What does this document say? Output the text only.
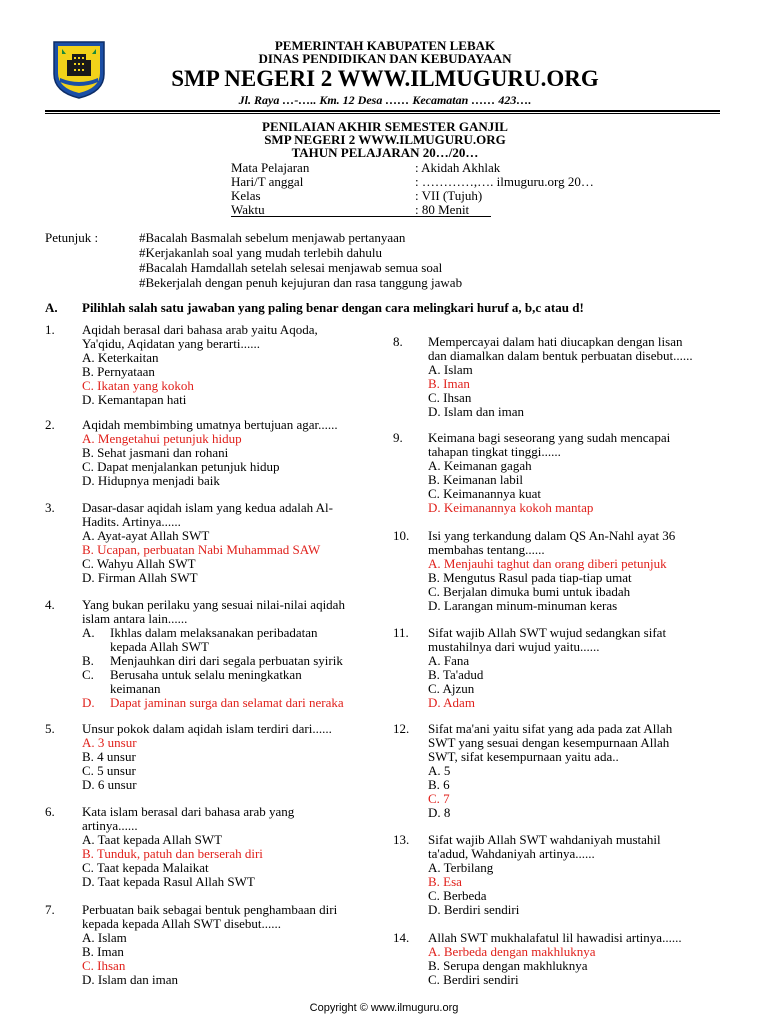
PEMERINTAH KABUPATEN LEBAK
DINAS PENDIDIKAN DAN KEBUDAYAAN
SMP NEGERI 2 WWW.ILMUGURU.ORG
Jl. Raya …-….. Km. 12 Desa …… Kecamatan …… 423….
PENILAIAN AKHIR SEMESTER GANJIL
SMP NEGERI 2 WWW.ILMUGURU.ORG
TAHUN PELAJARAN 20…/20…
Mata Pelajaran	: Akidah Akhlak
Hari/T anggal	: …………,…. ilmuguru.org 20…
Kelas	: VII (Tujuh)
Waktu	: 80 Menit
Petunjuk :	#Bacalah Basmalah sebelum menjawab pertanyaan
#Kerjakanlah soal yang mudah terlebih dahulu
#Bacalah Hamdallah setelah selesai menjawab semua soal
#Bekerjalah dengan penuh kejujuran dan rasa tanggung jawab
A. Pilihlah salah satu jawaban yang paling benar dengan cara melingkari huruf a, b,c atau d!
1. Aqidah berasal dari bahasa arab yaitu Aqoda,
Ya'qidu, Aqidatan yang berarti......
A. Keterkaitan
B. Pernyataan
C. Ikatan yang kokoh
D. Kemantapan hati
2. Aqidah membimbing umatnya bertujuan agar......
A. Mengetahui petunjuk hidup
B. Sehat jasmani dan rohani
C. Dapat menjalankan petunjuk hidup
D. Hidupnya menjadi baik
3. Dasar-dasar aqidah islam yang kedua adalah Al-
Hadits. Artinya......
A. Ayat-ayat Allah SWT
B. Ucapan, perbuatan Nabi Muhammad SAW
C. Wahyu Allah SWT
D. Firman Allah SWT
4. Yang bukan perilaku yang sesuai nilai-nilai aqidah
islam antara lain......
A. Ikhlas dalam melaksanakan peribadatan
kepada Allah SWT
B. Menjauhkan diri dari segala perbuatan syirik
C. Berusaha untuk selalu meningkatkan
keimanan
D. Dapat jaminan surga dan selamat dari neraka
5. Unsur pokok dalam aqidah islam terdiri dari......
A. 3 unsur
B. 4 unsur
C. 5 unsur
D. 6 unsur
6. Kata islam berasal dari bahasa arab yang
artinya......
A. Taat kepada Allah SWT
B. Tunduk, patuh dan berserah diri
C. Taat kepada Malaikat
D. Taat kepada Rasul Allah SWT
7. Perbuatan baik sebagai bentuk penghambaan diri
kepada kepada Allah SWT disebut......
A. Islam
B. Iman
C. Ihsan
D. Islam dan iman
8. Mempercayai dalam hati diucapkan dengan lisan
dan diamalkan dalam bentuk perbuatan disebut......
A. Islam
B. Iman
C. Ihsan
D. Islam dan iman
9. Keimana bagi seseorang yang sudah mencapai
tahapan tingkat tinggi......
A. Keimanan gagah
B. Keimanan labil
C. Keimanannya kuat
D. Keimanannya kokoh mantap
10. Isi yang terkandung dalam QS An-Nahl ayat 36
membahas tentang......
A. Menjauhi taghut dan orang diberi petunjuk
B. Mengutus Rasul pada tiap-tiap umat
C. Berjalan dimuka bumi untuk ibadah
D. Larangan minum-minuman keras
11. Sifat wajib Allah SWT wujud sedangkan sifat
mustahilnya dari wujud yaitu......
A. Fana
B. Ta'adud
C. Ajzun
D. Adam
12. Sifat ma'ani yaitu sifat yang ada pada zat Allah
SWT yang sesuai dengan kesempurnaan Allah
SWT, sifat kesempurnaan yaitu ada..
A. 5
B. 6
C. 7
D. 8
13. Sifat wajib Allah SWT wahdaniyah mustahil
ta'adud, Wahdaniyah artinya......
A. Terbilang
B. Esa
C. Berbeda
D. Berdiri sendiri
14. Allah SWT mukhalafatul lil hawadisi artinya......
A. Berbeda dengan makhluknya
B. Serupa dengan makhluknya
C. Berdiri sendiri
Copyright © www.ilmuguru.org
